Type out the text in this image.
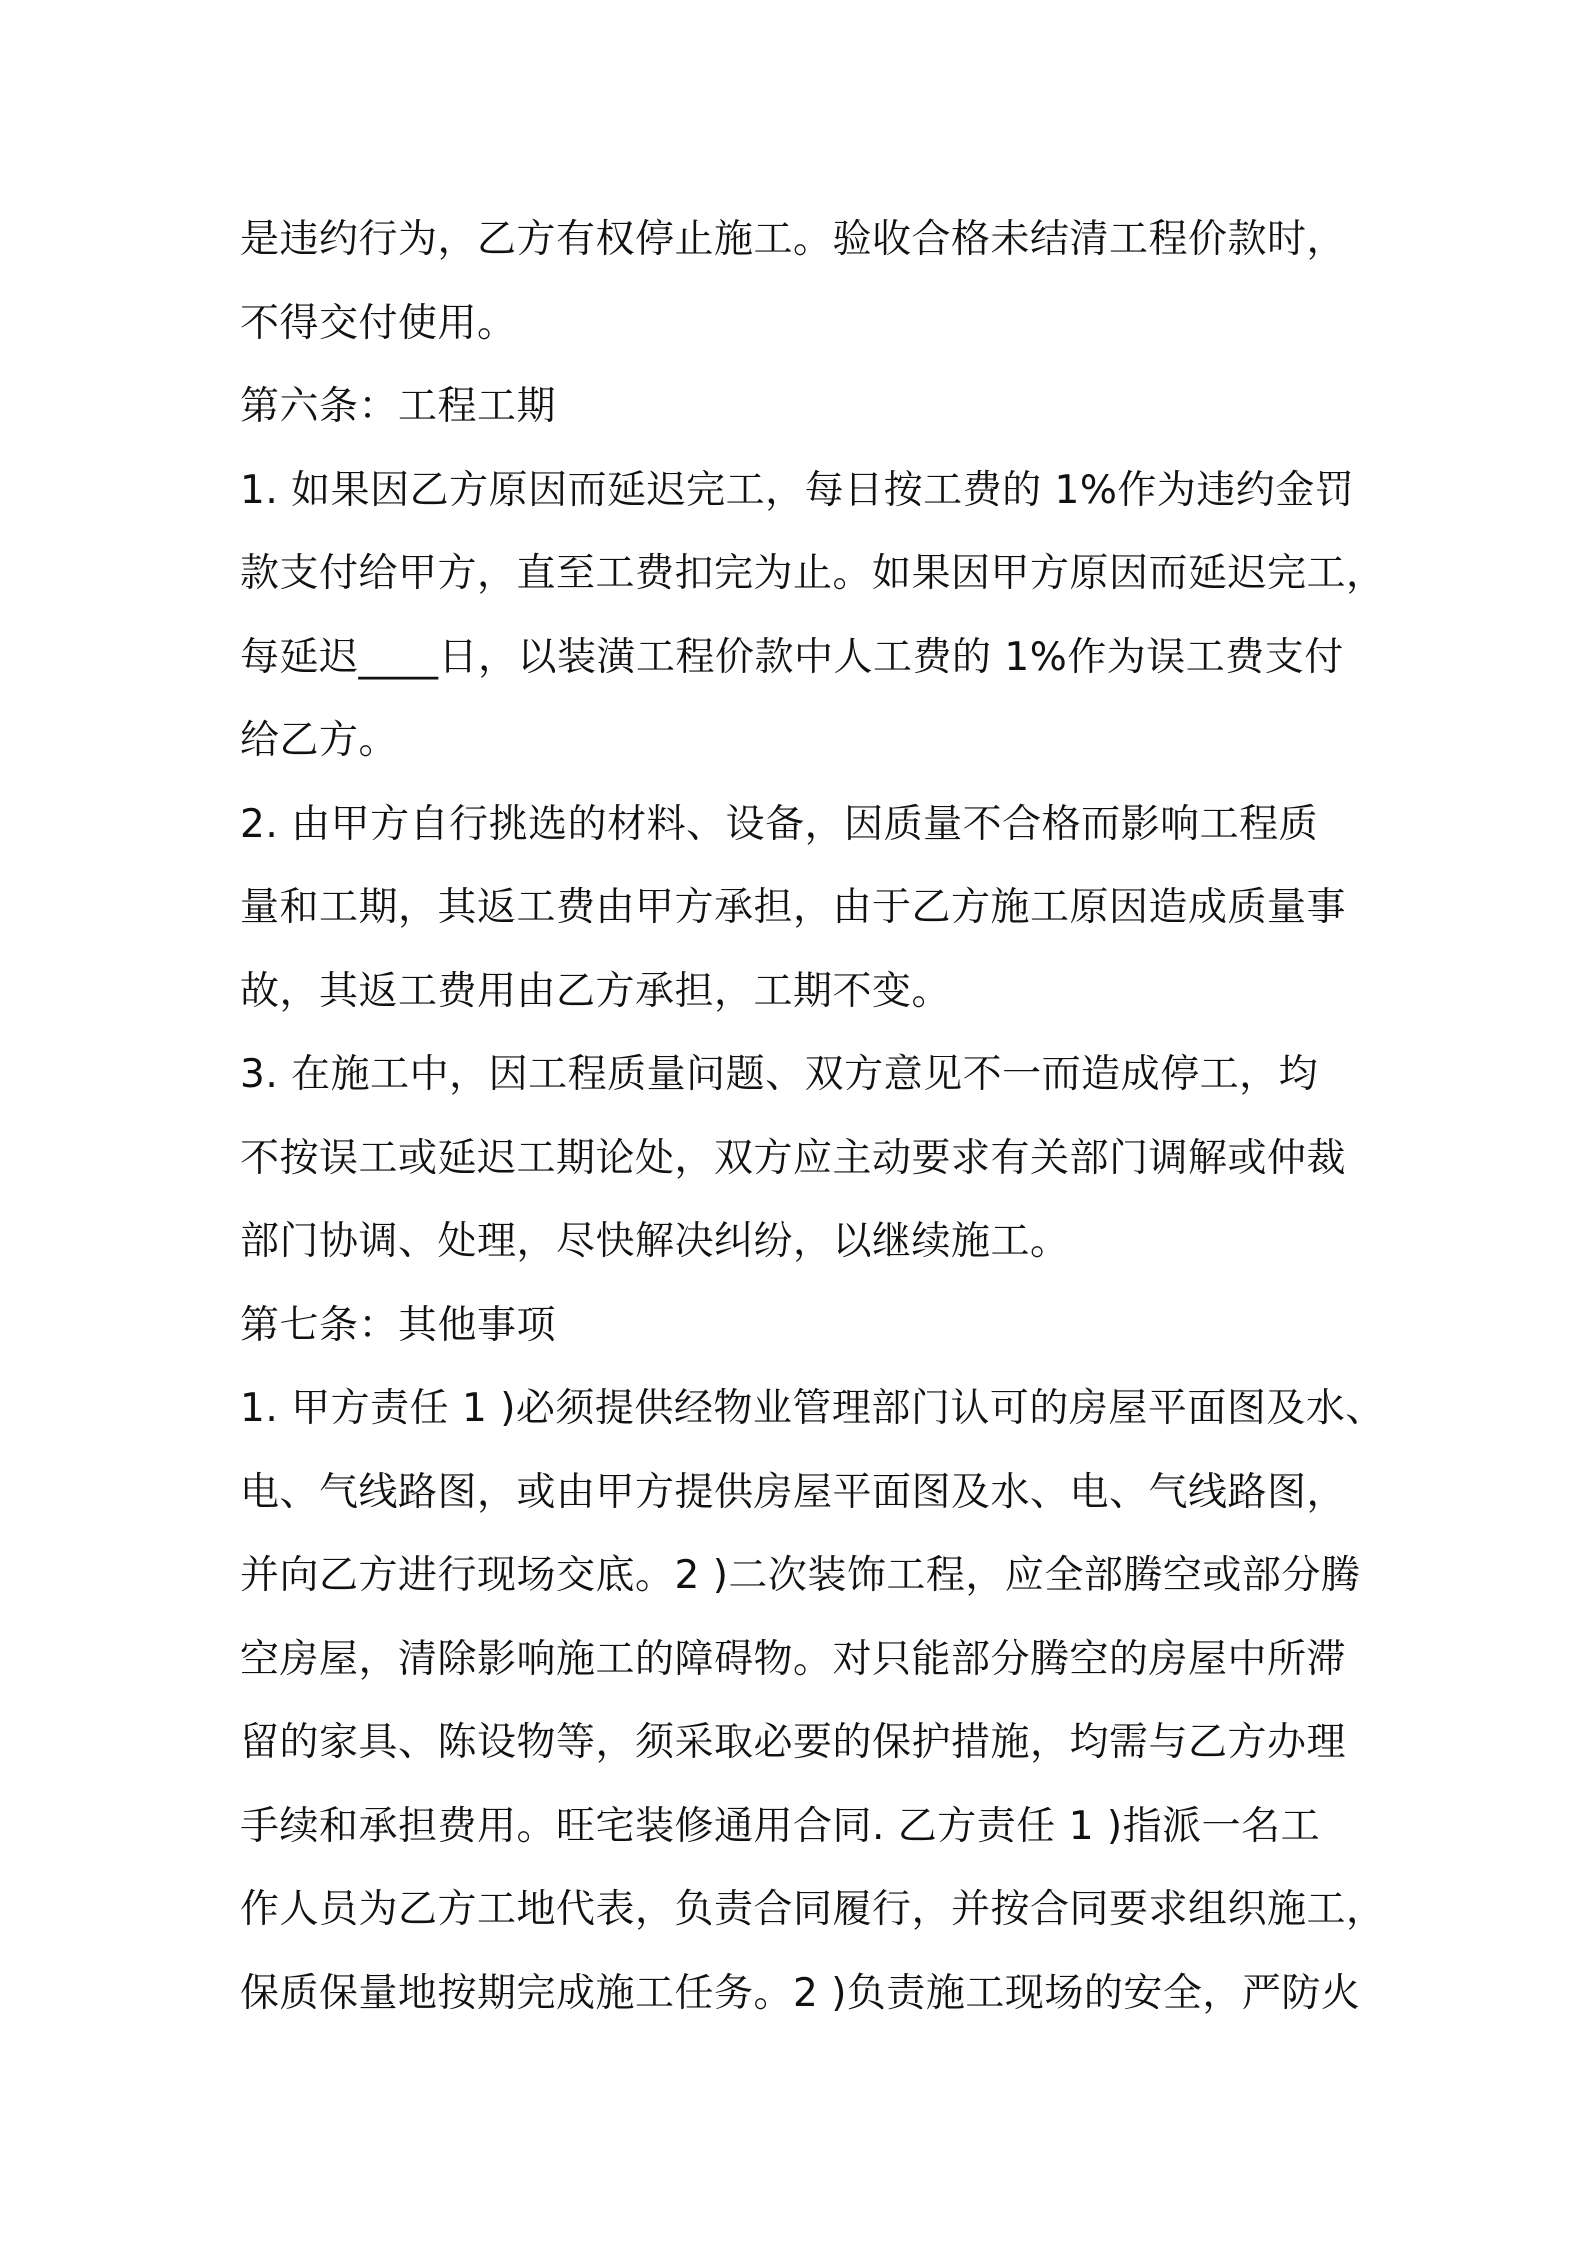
是违约行为，乙方有权停止施工。验收合格未结清工程价款时，
不得交付使用。
第六条：工程工期
1. 如果因乙方原因而延迟完工，每日按工费的 1%作为违约金罚
款支付给甲方，直至工费扣完为止。如果因甲方原因而延迟完工，
每延迟____日，以装潢工程价款中人工费的 1%作为误工费支付
给乙方。
2. 由甲方自行挑选的材料、设备，因质量不合格而影响工程质
量和工期，其返工费由甲方承担，由于乙方施工原因造成质量事
故，其返工费用由乙方承担，工期不变。
3. 在施工中，因工程质量问题、双方意见不一而造成停工，均
不按误工或延迟工期论处，双方应主动要求有关部门调解或仲裁
部门协调、处理，尽快解决纠纷，以继续施工。
第七条：其他事项
1. 甲方责任 1 )必须提供经物业管理部门认可的房屋平面图及水、
电、气线路图，或由甲方提供房屋平面图及水、电、气线路图，
并向乙方进行现场交底。2 )二次装饰工程，应全部腾空或部分腾
空房屋，清除影响施工的障碍物。对只能部分腾空的房屋中所滞
留的家具、陈设物等，须采取必要的保护措施，均需与乙方办理
手续和承担费用。旺宅装修通用合同. 乙方责任 1 )指派一名工
作人员为乙方工地代表，负责合同履行，并按合同要求组织施工，
保质保量地按期完成施工任务。2 )负责施工现场的安全，严防火
